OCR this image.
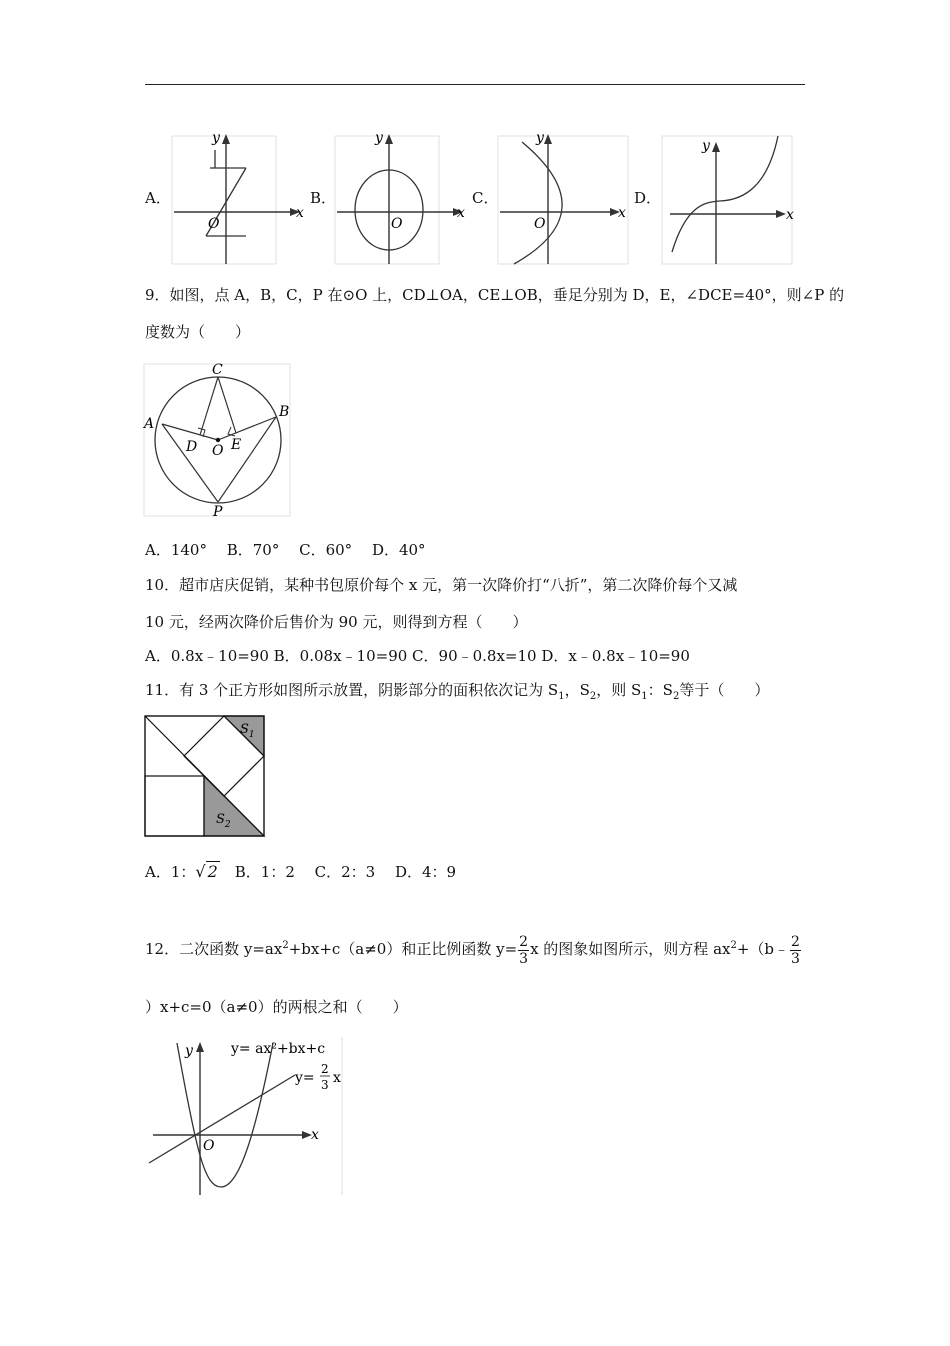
A．
y
x
O
B．
y
x
O
C．
y
x
O
D．
y
x
9．如图，点 A，B，C，P 在⊙O 上，CD⊥OA，CE⊥OB，垂足分别为 D，E，∠DCE=40°，则∠P 的
度数为（　　）
C
A
B
D E
O
P
A．140°　 B．70°　 C．60°　 D．40°
10．超市店庆促销，某种书包原价每个 x 元，第一次降价打“八折”，第二次降价每个又减
10 元，经两次降价后售价为 90 元，则得到方程（　　）
A．0.8x﹣10=90 B．0.08x﹣10=90 C．90﹣0.8x=10 D．x﹣0.8x﹣10=90
11．有 3 个正方形如图所示放置，阴影部分的面积依次记为 $S_1$，$S_2$，则 $S_1$：$S_2$等于（　　）
$S_1$
$S_2$
A．1：√ 2　B．1：2　 C．2：3　 D．4：9
12．二次函数 $y=ax^2+bx+c(a\ne 0)$和正比例函数 $y= \frac{2}{3}$ x 的图象如图所示，则方程 $ax^2+(b﹣ \frac{2}{3}$
）x+c=0（a≠0）的两根之和（　　）
y= ax²+bx+c
y=
2
3 x
y
x
O
